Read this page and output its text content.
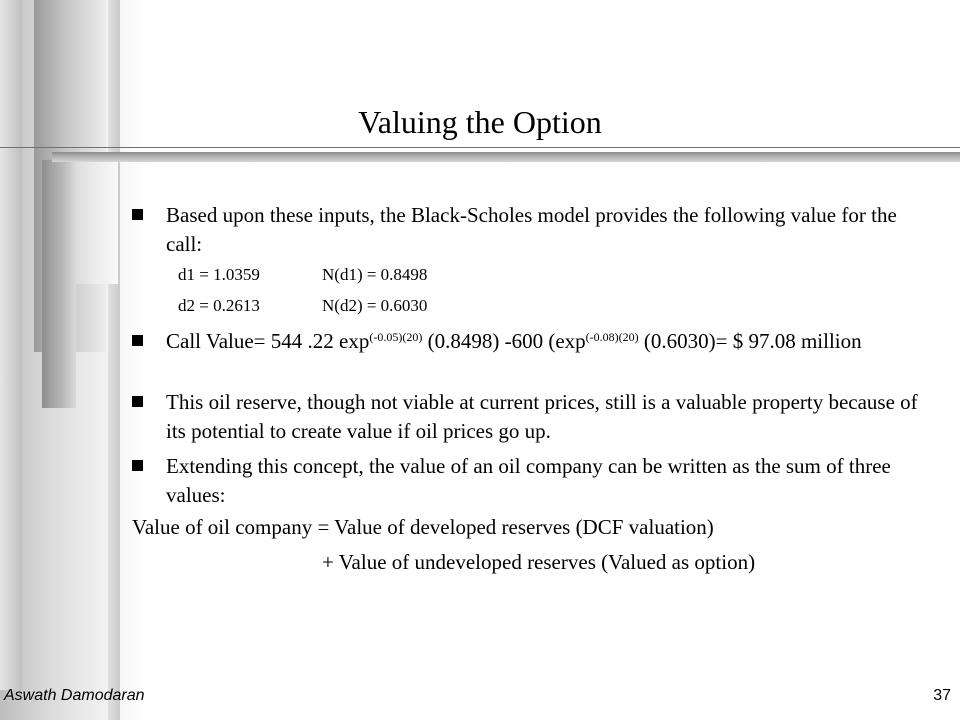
Valuing the Option
Based upon these inputs, the Black-Scholes model provides the following value for the call:
d1 = 1.0359	N(d1) = 0.8498
d2 = 0.2613	N(d2) = 0.6030
Call Value= 544 .22 $\exp^{(-0.05)(20)} (0.8498)$ -600 ($\exp^{(-0.08)(20)}$ (0.6030)= $ 97.08 million
This oil reserve, though not viable at current prices, still is a valuable property because of its potential to create value if oil prices go up.
Extending this concept, the value of an oil company can be written as the sum of three values:
Value of oil company = Value of developed reserves (DCF valuation)
+ Value of undeveloped reserves (Valued as option)
Aswath Damodaran	37
